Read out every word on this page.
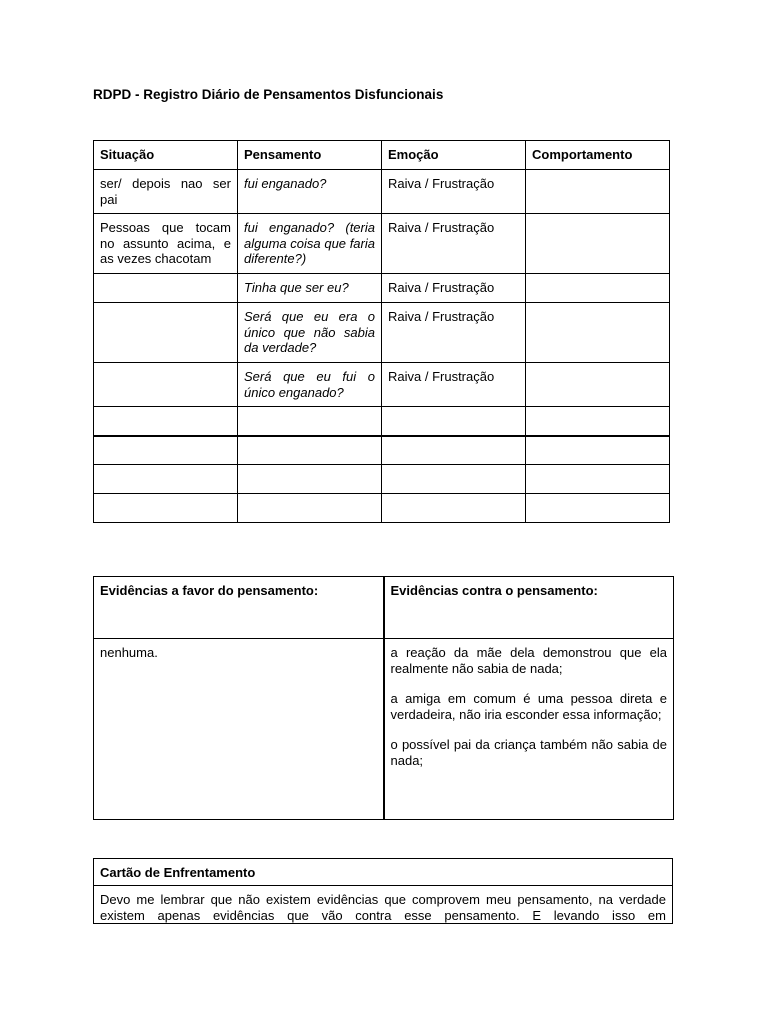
RDPD - Registro Diário de Pensamentos Disfuncionais
Situação	Pensamento	Emoção	Comportamento
ser/ depois nao ser pai	fui enganado?	Raiva / Frustração	
Pessoas que tocam no assunto acima, e as vezes chacotam	fui enganado? (teria alguma coisa que faria diferente?)	Raiva / Frustração	
	Tinha que ser eu?	Raiva / Frustração	
	Será que eu era o único que não sabia da verdade?	Raiva / Frustração	
	Será que eu fui o único enganado?	Raiva / Frustração	

Evidências a favor do pensamento:	Evidências contra o pensamento:

nenhuma.	a reação da mãe dela demonstrou que ela realmente não sabia de nada;

a amiga em comum é uma pessoa direta e verdadeira, não iria esconder essa informação;

o possível pai da criança também não sabia de nada;

Cartão de Enfrentamento
Devo me lembrar que não existem evidências que comprovem meu pensamento, na verdade existem apenas evidências que vão contra esse pensamento. E levando isso em
